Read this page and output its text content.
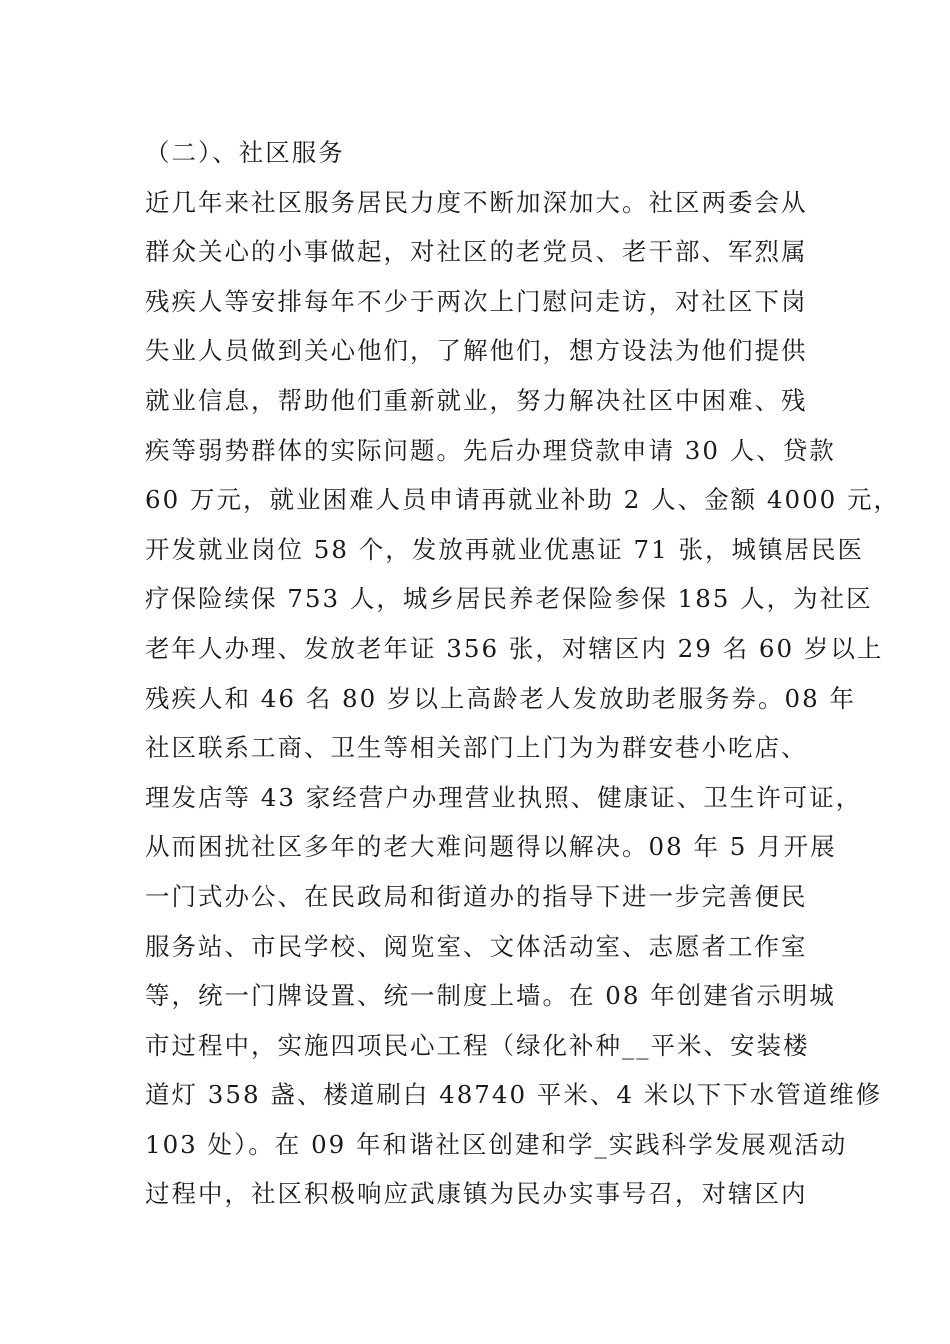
（二）、社区服务
近几年来社区服务居民力度不断加深加大。社区两委会从
群众关心的小事做起，对社区的老党员、老干部、军烈属
残疾人等安排每年不少于两次上门慰问走访，对社区下岗
失业人员做到关心他们，了解他们，想方设法为他们提供
就业信息，帮助他们重新就业，努力解决社区中困难、残
疾等弱势群体的实际问题。先后办理贷款申请 30 人、贷款
60 万元，就业困难人员申请再就业补助 2 人、金额 4000 元，
开发就业岗位 58 个，发放再就业优惠证 71 张，城镇居民医
疗保险续保 753 人，城乡居民养老保险参保 185 人，为社区
老年人办理、发放老年证 356 张，对辖区内 29 名 60 岁以上
残疾人和 46 名 80 岁以上高龄老人发放助老服务券。08 年
社区联系工商、卫生等相关部门上门为为群安巷小吃店、
理发店等 43 家经营户办理营业执照、健康证、卫生许可证，
从而困扰社区多年的老大难问题得以解决。08 年 5 月开展
一门式办公、在民政局和街道办的指导下进一步完善便民
服务站、市民学校、阅览室、文体活动室、志愿者工作室
等，统一门牌设置、统一制度上墙。在 08 年创建省示明城
市过程中，实施四项民心工程（绿化补种__平米、安装楼
道灯 358 盏、楼道刷白 48740 平米、4 米以下下水管道维修
103 处）。在 09 年和谐社区创建和学_实践科学发展观活动
过程中，社区积极响应武康镇为民办实事号召，对辖区内
